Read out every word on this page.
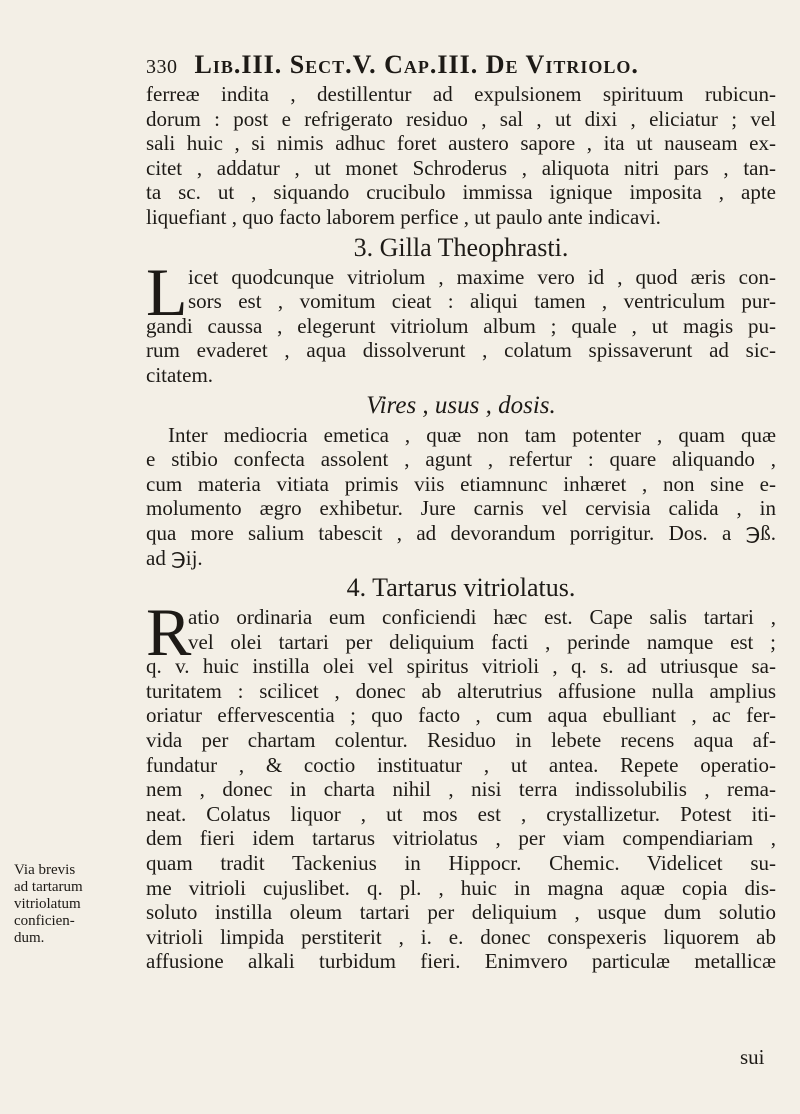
330 Lib.III. Sect.V. Cap.III. De Vitriolo.
ferreæ indita , destillentur ad expulsionem spirituum rubicun-
dorum : post e refrigerato residuo , sal , ut dixi , eliciatur ; vel
sali huic , si nimis adhuc foret austero sapore , ita ut nauseam ex-
citet , addatur , ut monet Schroderus , aliquota nitri pars , tan-
ta sc. ut , siquando crucibulo immissa ignique imposita , apte
liquefiant , quo facto laborem perfice , ut paulo ante indicavi.
3. Gilla Theophrasti.
L icet quodcunque vitriolum , maxime vero id , quod æris con-
sors est , vomitum cieat : aliqui tamen , ventriculum pur-
gandi caussa , elegerunt vitriolum album ; quale , ut magis pu-
rum evaderet , aqua dissolverunt , colatum spissaverunt ad sic-
citatem.
Vires , usus , dosis.
Inter mediocria emetica , quæ non tam potenter , quam quæ
e stibio confecta assolent , agunt , refertur : quare aliquando ,
cum materia vitiata primis viis etiamnunc inhæret , non sine e-
molumento ægro exhibetur. Jure carnis vel cervisia calida , in
qua more salium tabescit , ad devorandum porrigitur. Dos. a ℈ß.
ad ℈ij.
4. Tartarus vitriolatus.
R
atio ordinaria eum conficiendi hæc est. Cape salis tartari ,
vel olei tartari per deliquium facti , perinde namque est ;
q. v. huic instilla olei vel spiritus vitrioli , q. s. ad utriusque sa-
turitatem : scilicet , donec ab alterutrius affusione nulla amplius
oriatur effervescentia ; quo facto , cum aqua ebulliant , ac fer-
vida per chartam colentur. Residuo in lebete recens aqua af-
fundatur , & coctio instituatur , ut antea. Repete operatio-
nem , donec in charta nihil , nisi terra indissolubilis , rema-
neat. Colatus liquor , ut mos est , crystallizetur. Potest iti-
dem fieri idem tartarus vitriolatus , per viam compendiariam ,
quam tradit Tackenius in Hippocr. Chemic. Videlicet su-
me vitrioli cujuslibet. q. pl. , huic in magna aquæ copia dis-
soluto instilla oleum tartari per deliquium , usque dum solutio
vitrioli limpida perstiterit , i. e. donec conspexeris liquorem ab
affusione alkali turbidum fieri. Enimvero particulæ metallicæ
Via brevis
ad tartarum
vitriolatum
conficien-
dum.
sui
